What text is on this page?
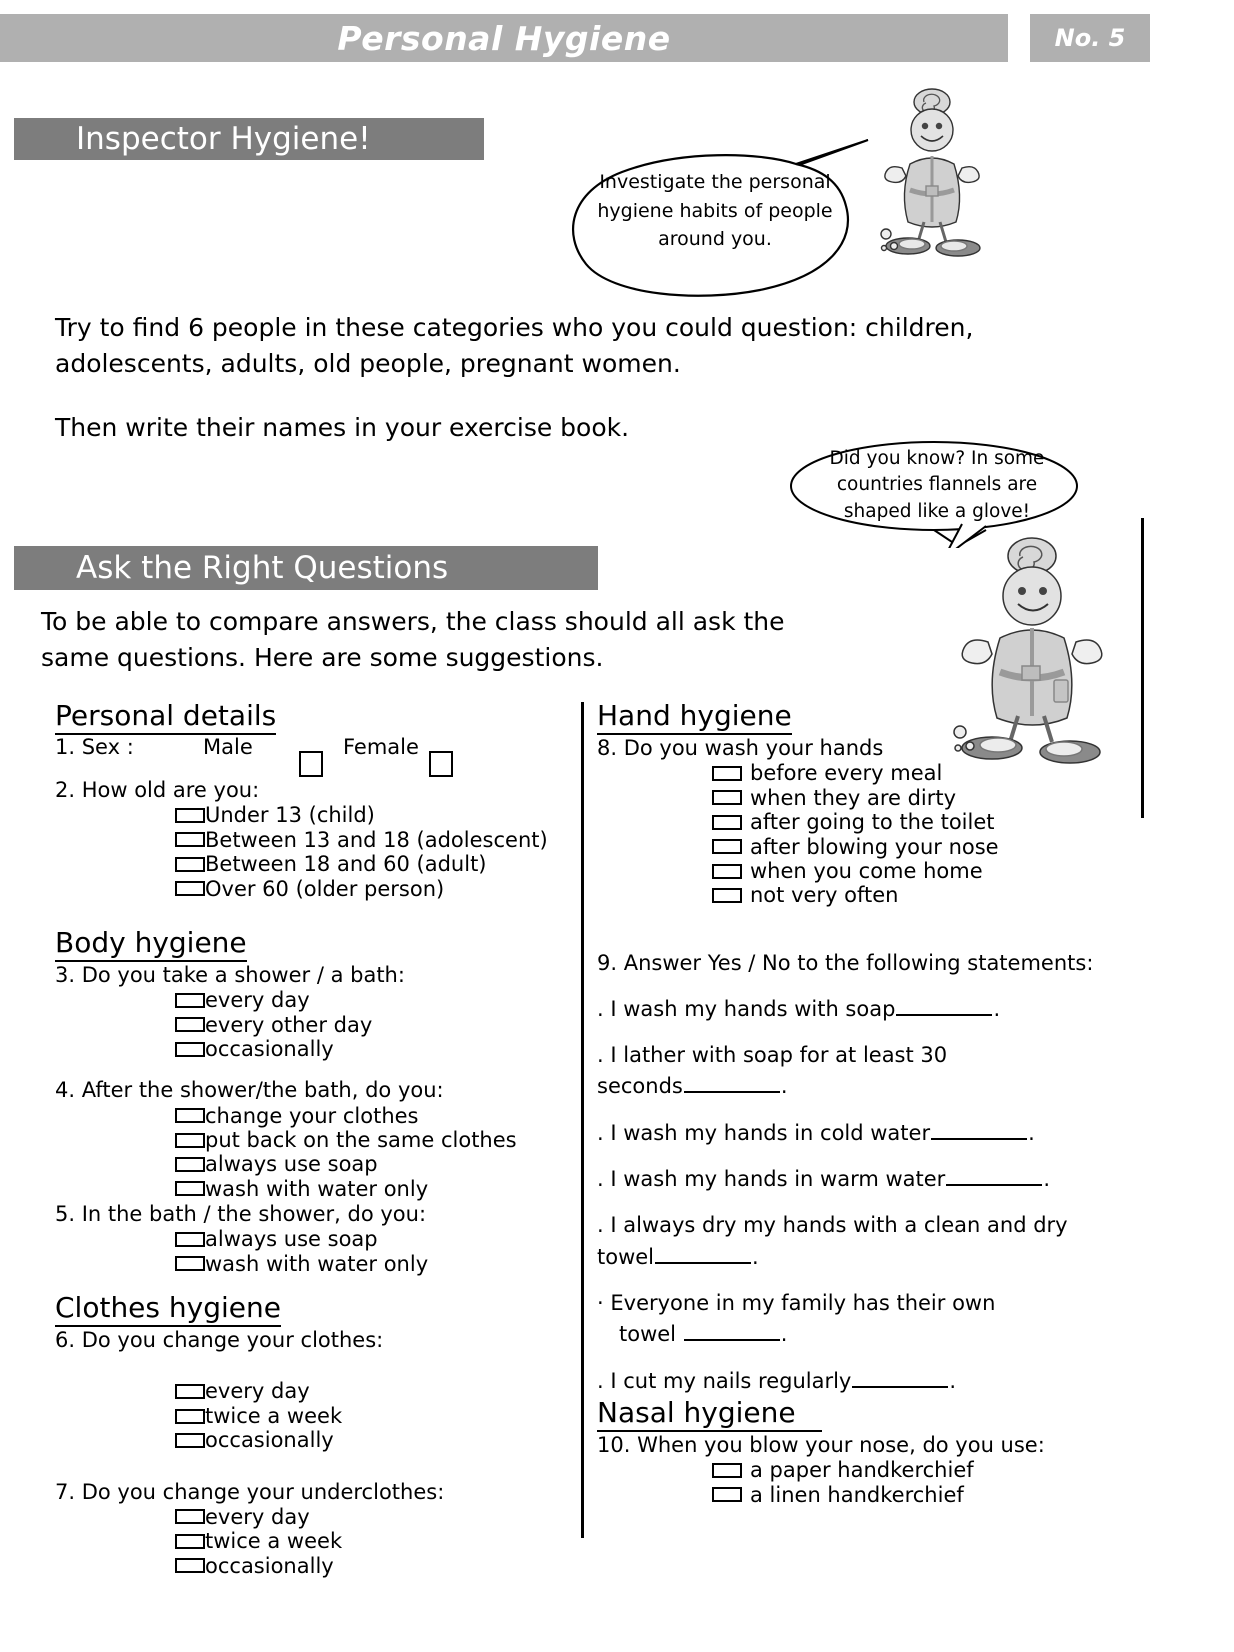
Personal Hygiene	No. 5
Inspector Hygiene!
Investigate the personal hygiene habits of people around you.
Try to find 6 people in these categories who you could question: children, adolescents, adults, old people, pregnant women.
Then write their names in your exercise book.
Did you know? In some countries flannels are shaped like a glove!
Ask the Right Questions
To be able to compare answers, the class should all ask the same questions. Here are some suggestions.
Personal details
1. Sex :	Male	Female
2. How old are you:
Under 13 (child)
Between 13 and 18 (adolescent)
Between 18 and 60 (adult)
Over 60 (older person)
Body hygiene
3. Do you take a shower / a bath:
every day
every other day
occasionally
4. After the shower/the bath, do you:
change your clothes
put back on the same clothes
always use soap
wash with water only
5. In the bath / the shower, do you:
always use soap
wash with water only
Clothes hygiene
6. Do you change your clothes:
every day
twice a week
occasionally
7. Do you change your underclothes:
every day
twice a week
occasionally
Hand hygiene
8. Do you wash your hands
before every meal
when they are dirty
after going to the toilet
after blowing your nose
when you come home
not very often
9. Answer Yes / No to the following statements:
. I wash my hands with soap	.
. I lather with soap for at least 30
seconds	.
. I wash my hands in cold water	.
. I wash my hands in warm water	.
. I always dry my hands with a clean and dry
towel	.
· Everyone in my family has their own
towel	.
. I cut my nails regularly	.
Nasal hygiene
10. When you blow your nose, do you use:
a paper handkerchief
a linen handkerchief
